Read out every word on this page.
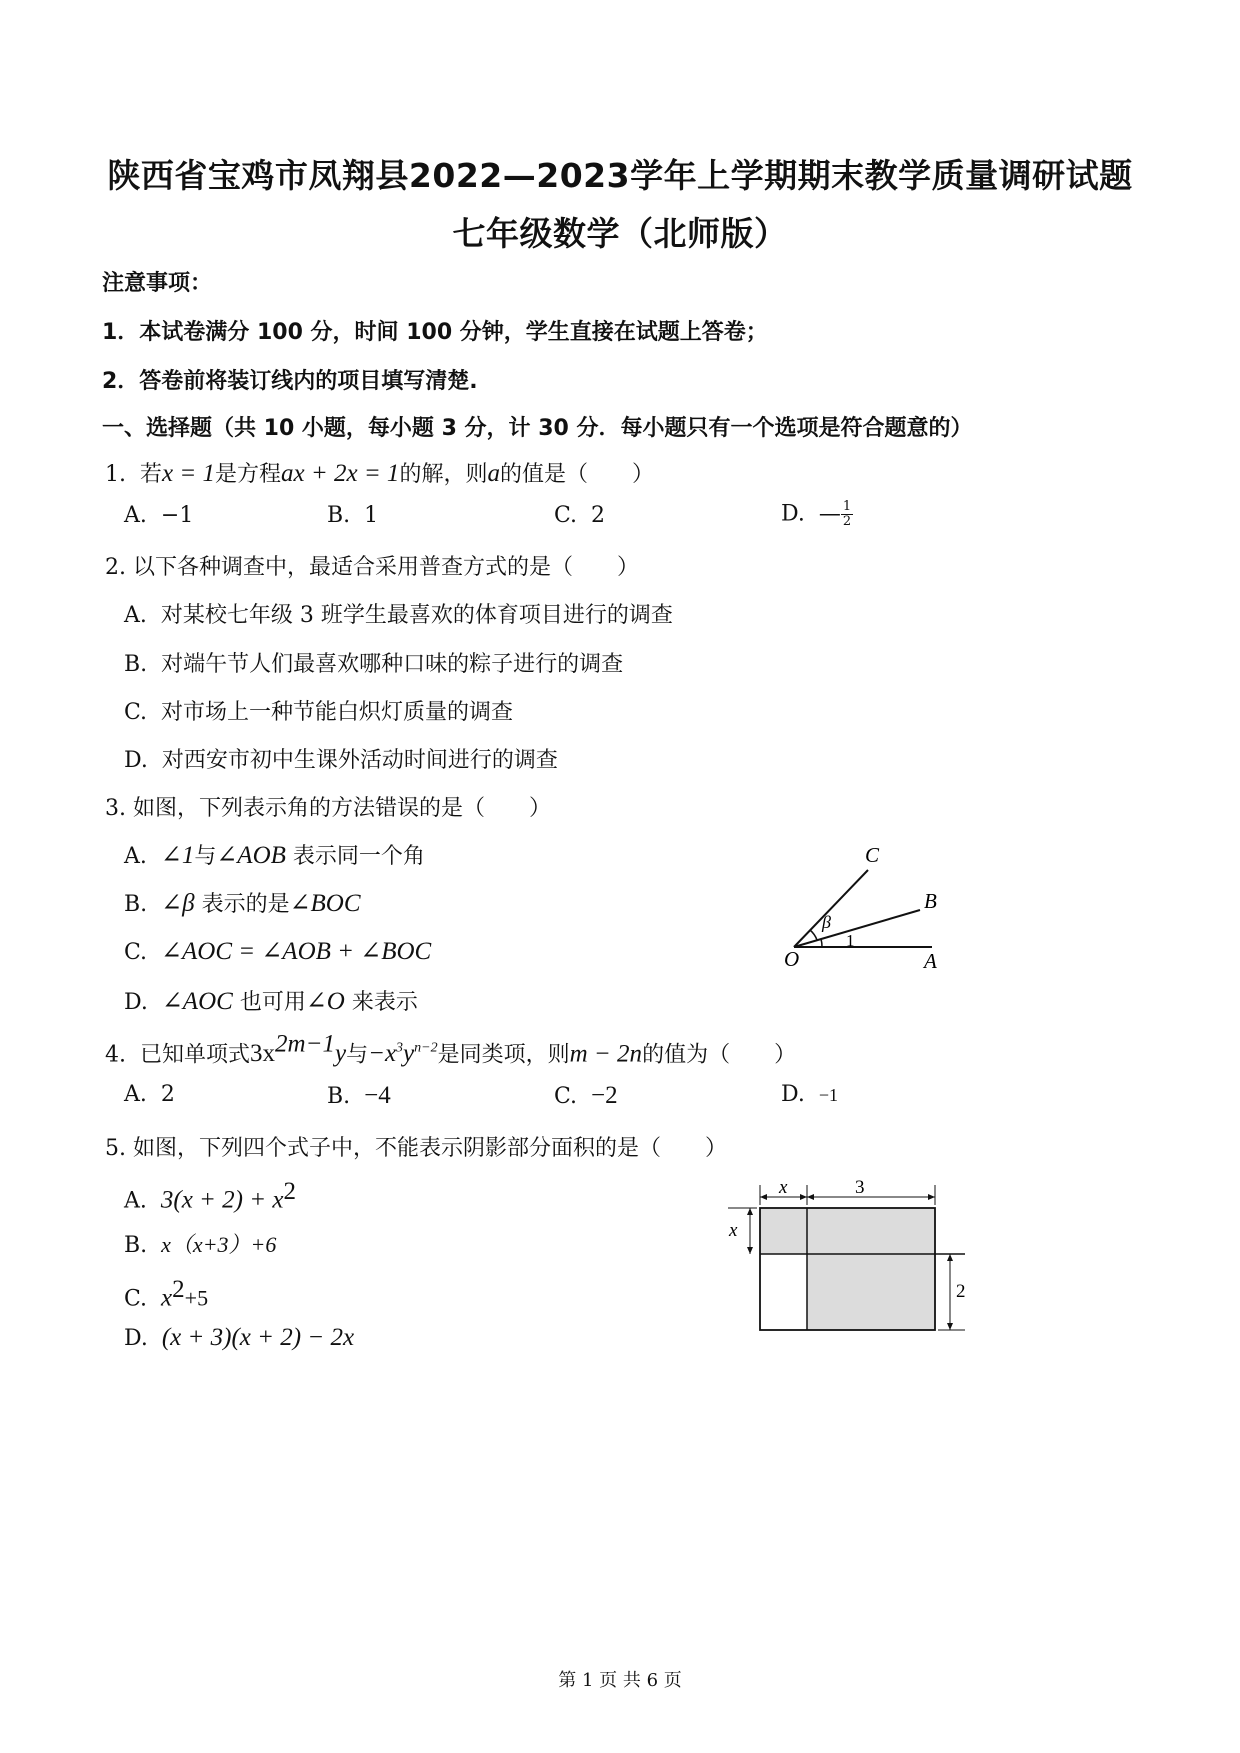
陕西省宝鸡市凤翔县2022—2023学年上学期期末教学质量调研试题
七年级数学（北师版）
注意事项：
1．本试卷满分 100 分，时间 100 分钟，学生直接在试题上答卷；
2．答卷前将装订线内的项目填写清楚.
一、选择题（共 10 小题，每小题 3 分，计 30 分．每小题只有一个选项是符合题意的）
1. 若x = 1是方程ax + 2x = 1的解，则a的值是（　　）
A. −1	B. 1	C. 2	D. — $\frac{1}{2}$
2. 以下各种调查中，最适合采用普查方式的是（　　）
A. 对某校七年级 3 班学生最喜欢的体育项目进行的调查
B. 对端午节人们最喜欢哪种口味的粽子进行的调查
C. 对市场上一种节能白炽灯质量的调查
D. 对西安市初中生课外活动时间进行的调查
3. 如图，下列表示角的方法错误的是（　　）
A. ∠1与∠AOB 表示同一个角
B. ∠β 表示的是∠BOC
C. ∠AOC = ∠AOB + ∠BOC
D. ∠AOC 也可用∠O 来表示
C
B
O	A
β
1
4. 已知单项式$3x^{2m-1}y$与$-x^3y^{n-2}$是同类项，则m − 2n的值为（　　）
A. 2	B. −4	C. −2	D. −1
5. 如图，下列四个式子中，不能表示阴影部分面积的是（　　）
A. $3(x + 2) + x^2$
B. x（x+3）+6
C. $x^2+5$
D. (x + 3)(x + 2) − 2x
x	3
x
2
第 1 页 共 6 页
